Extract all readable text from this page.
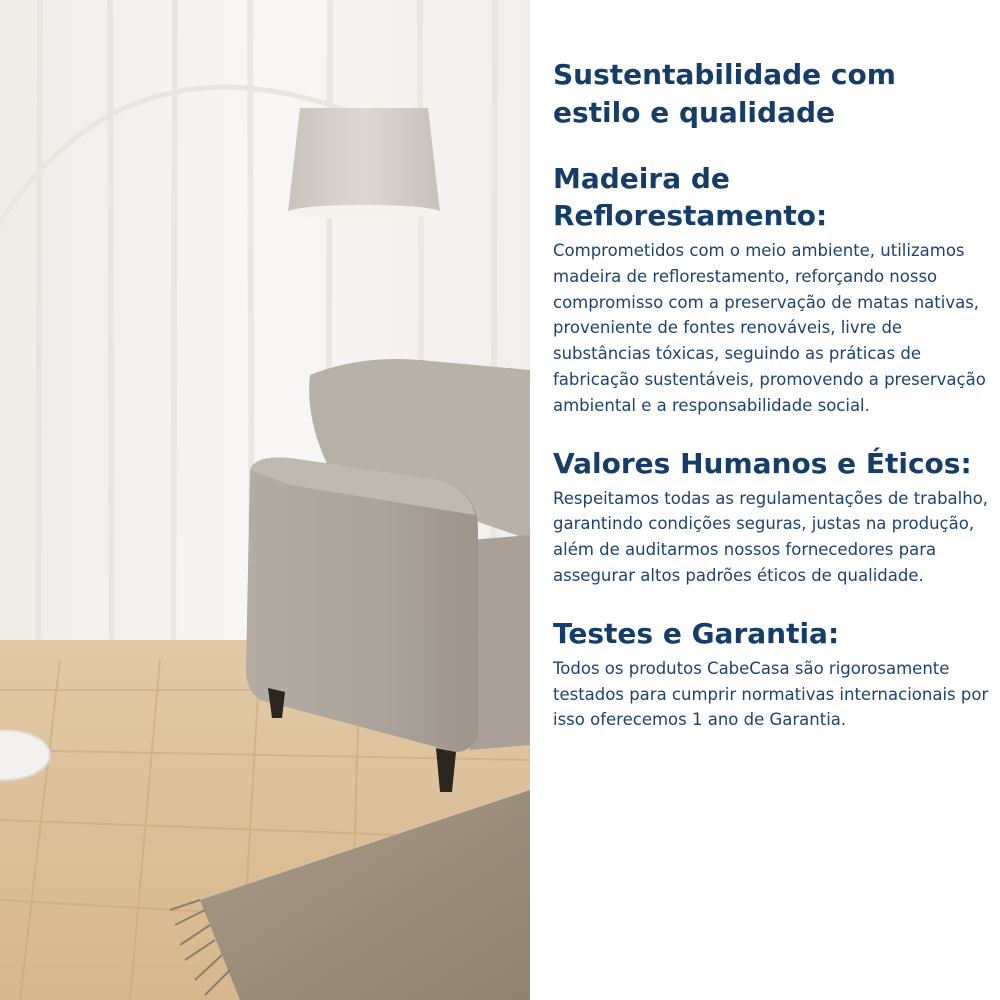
Sustentabilidade com estilo e qualidade
Madeira de Reflorestamento:

Comprometidos com o meio ambiente, utilizamos madeira de reflorestamento, reforçando nosso compromisso com a preservação de matas nativas, proveniente de fontes renováveis, livre de substâncias tóxicas, seguindo as práticas de fabricação sustentáveis, promovendo a preservação ambiental e a responsabilidade social.

Valores Humanos e Éticos:

Respeitamos todas as regulamentações de trabalho, garantindo condições seguras, justas na produção, além de auditarmos nossos fornecedores para assegurar altos padrões éticos de qualidade.

Testes e Garantia:

Todos os produtos CabeCasa são rigorosamente testados para cumprir normativas internacionais por isso oferecemos 1 ano de Garantia.
